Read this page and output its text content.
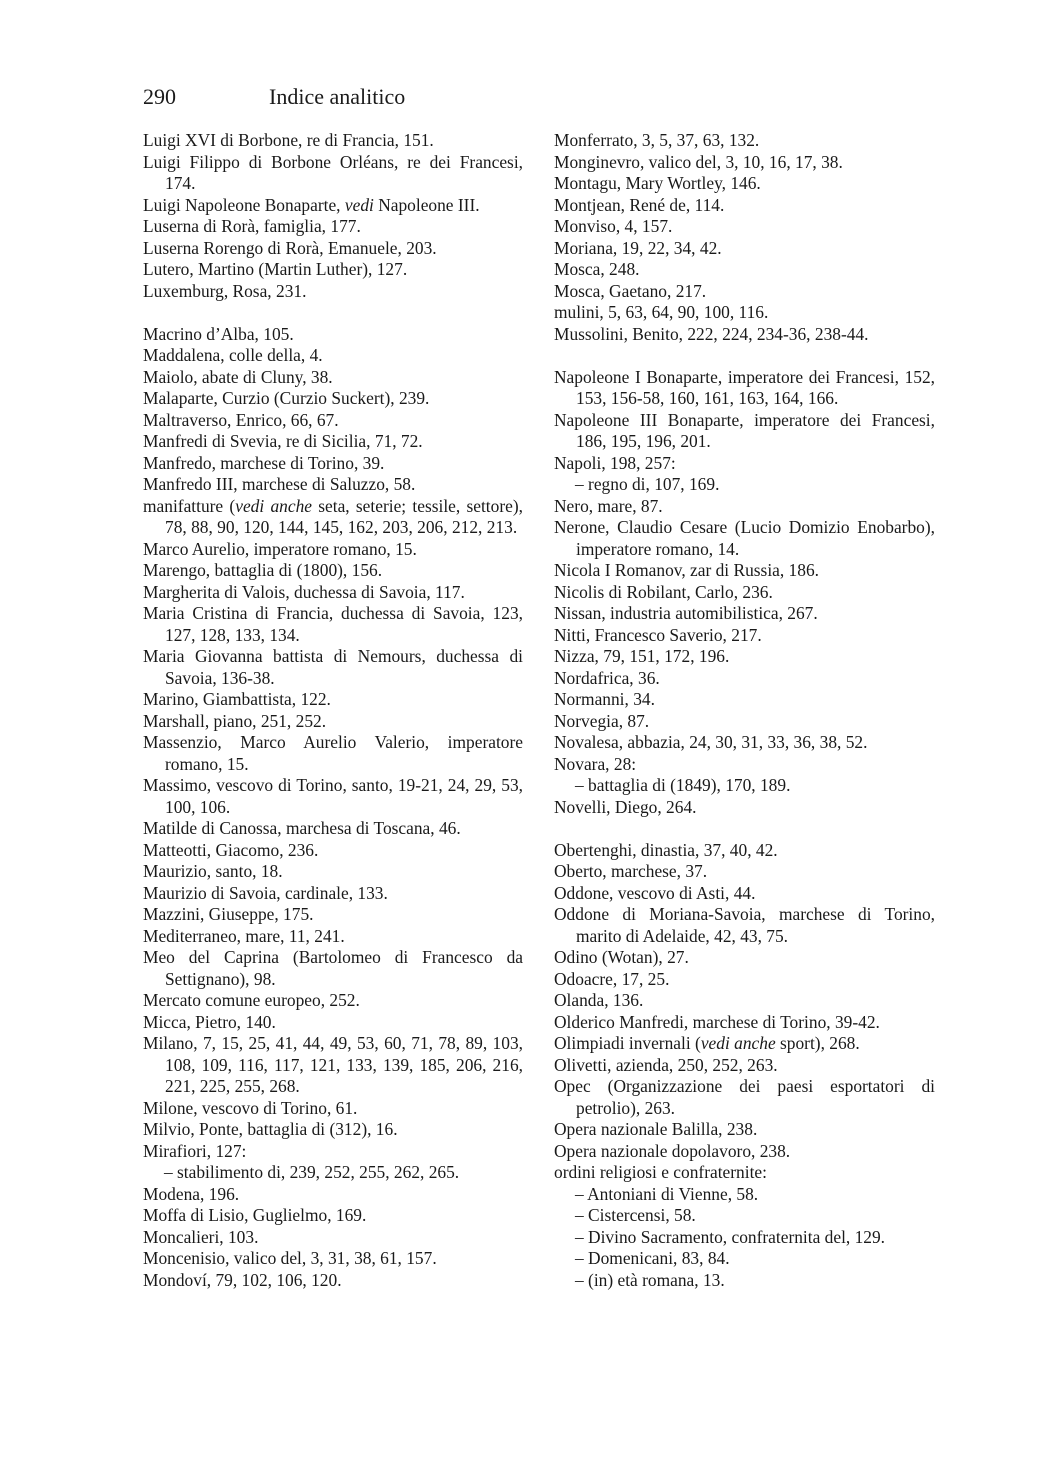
290	Indice analitico

Luigi XVI di Borbone, re di Francia, 151.

Luigi Filippo di Borbone Orléans, re dei Francesi, 174.

Luigi Napoleone Bonaparte, vedi Napoleone III.

Luserna di Rorà, famiglia, 177.

Luserna Rorengo di Rorà, Emanuele, 203.

Lutero, Martino (Martin Luther), 127.

Luxemburg, Rosa, 231.

Macrino d’Alba, 105.

Maddalena, colle della, 4.

Maiolo, abate di Cluny, 38.

Malaparte, Curzio (Curzio Suckert), 239.

Maltraverso, Enrico, 66, 67.

Manfredi di Svevia, re di Sicilia, 71, 72.

Manfredo, marchese di Torino, 39.

Manfredo III, marchese di Saluzzo, 58.

manifatture (vedi anche seta, seterie; tessile, settore), 78, 88, 90, 120, 144, 145, 162, 203, 206, 212, 213.

Marco Aurelio, imperatore romano, 15.

Marengo, battaglia di (1800), 156.

Margherita di Valois, duchessa di Savoia, 117.

Maria Cristina di Francia, duchessa di Savoia, 123, 127, 128, 133, 134.

Maria Giovanna battista di Nemours, duchessa di Savoia, 136-38.

Marino, Giambattista, 122.

Marshall, piano, 251, 252.

Massenzio, Marco Aurelio Valerio, imperatore romano, 15.

Massimo, vescovo di Torino, santo, 19-21, 24, 29, 53, 100, 106.

Matilde di Canossa, marchesa di Toscana, 46.

Matteotti, Giacomo, 236.

Maurizio, santo, 18.

Maurizio di Savoia, cardinale, 133.

Mazzini, Giuseppe, 175.

Mediterraneo, mare, 11, 241.

Meo del Caprina (Bartolomeo di Francesco da Settignano), 98.

Mercato comune europeo, 252.

Micca, Pietro, 140.

Milano, 7, 15, 25, 41, 44, 49, 53, 60, 71, 78, 89, 103, 108, 109, 116, 117, 121, 133, 139, 185, 206, 216, 221, 225, 255, 268.

Milone, vescovo di Torino, 61.

Milvio, Ponte, battaglia di (312), 16.

Mirafiori, 127:

– stabilimento di, 239, 252, 255, 262, 265.

Modena, 196.

Moffa di Lisio, Guglielmo, 169.

Moncalieri, 103.

Moncenisio, valico del, 3, 31, 38, 61, 157.

Mondoví, 79, 102, 106, 120.

Monferrato, 3, 5, 37, 63, 132.

Monginevro, valico del, 3, 10, 16, 17, 38.

Montagu, Mary Wortley, 146.

Montjean, René de, 114.

Monviso, 4, 157.

Moriana, 19, 22, 34, 42.

Mosca, 248.

Mosca, Gaetano, 217.

mulini, 5, 63, 64, 90, 100, 116.

Mussolini, Benito, 222, 224, 234-36, 238-44.

Napoleone I Bonaparte, imperatore dei Francesi, 152, 153, 156-58, 160, 161, 163, 164, 166.

Napoleone III Bonaparte, imperatore dei Francesi, 186, 195, 196, 201.

Napoli, 198, 257:

– regno di, 107, 169.

Nero, mare, 87.

Nerone, Claudio Cesare (Lucio Domizio Enobarbo), imperatore romano, 14.

Nicola I Romanov, zar di Russia, 186.

Nicolis di Robilant, Carlo, 236.

Nissan, industria automibilistica, 267.

Nitti, Francesco Saverio, 217.

Nizza, 79, 151, 172, 196.

Nordafrica, 36.

Normanni, 34.

Norvegia, 87.

Novalesa, abbazia, 24, 30, 31, 33, 36, 38, 52.

Novara, 28:

– battaglia di (1849), 170, 189.

Novelli, Diego, 264.

Obertenghi, dinastia, 37, 40, 42.

Oberto, marchese, 37.

Oddone, vescovo di Asti, 44.

Oddone di Moriana-Savoia, marchese di Torino, marito di Adelaide, 42, 43, 75.

Odino (Wotan), 27.

Odoacre, 17, 25.

Olanda, 136.

Olderico Manfredi, marchese di Torino, 39-42.

Olimpiadi invernali (vedi anche sport), 268.

Olivetti, azienda, 250, 252, 263.

Opec (Organizzazione dei paesi esportatori di petrolio), 263.

Opera nazionale Balilla, 238.

Opera nazionale dopolavoro, 238.

ordini religiosi e confraternite:

– Antoniani di Vienne, 58.

– Cistercensi, 58.

– Divino Sacramento, confraternita del, 129.

– Domenicani, 83, 84.

– (in) età romana, 13.
